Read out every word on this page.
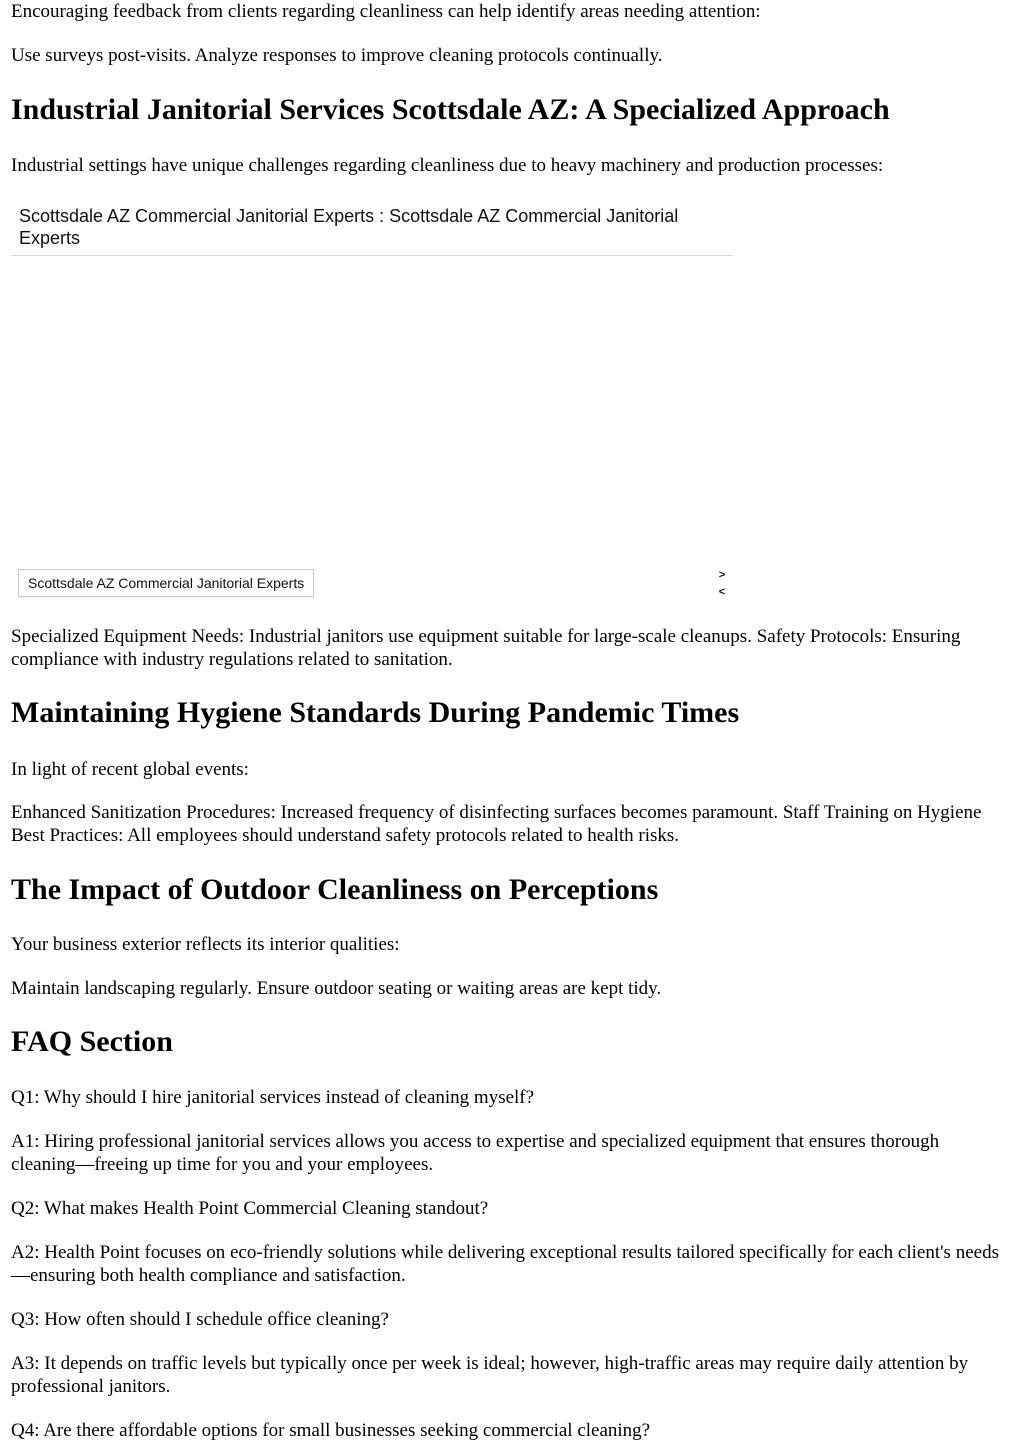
Encouraging feedback from clients regarding cleanliness can help identify areas needing attention:

Use surveys post-visits. Analyze responses to improve cleaning protocols continually.

Industrial Janitorial Services Scottsdale AZ: A Specialized Approach

Industrial settings have unique challenges regarding cleanliness due to heavy machinery and production processes:

Scottsdale AZ Commercial Janitorial Experts : Scottsdale AZ Commercial Janitorial Experts
Scottsdale AZ Commercial Janitorial Experts	>
<

Specialized Equipment Needs: Industrial janitors use equipment suitable for large-scale cleanups. Safety Protocols: Ensuring compliance with industry regulations related to sanitation.

Maintaining Hygiene Standards During Pandemic Times

In light of recent global events:

Enhanced Sanitization Procedures: Increased frequency of disinfecting surfaces becomes paramount. Staff Training on Hygiene Best Practices: All employees should understand safety protocols related to health risks.

The Impact of Outdoor Cleanliness on Perceptions

Your business exterior reflects its interior qualities:

Maintain landscaping regularly. Ensure outdoor seating or waiting areas are kept tidy.

FAQ Section

Q1: Why should I hire janitorial services instead of cleaning myself?

A1: Hiring professional janitorial services allows you access to expertise and specialized equipment that ensures thorough cleaning—freeing up time for you and your employees.

Q2: What makes Health Point Commercial Cleaning standout?

A2: Health Point focuses on eco-friendly solutions while delivering exceptional results tailored specifically for each client's needs—ensuring both health compliance and satisfaction.

Q3: How often should I schedule office cleaning?

A3: It depends on traffic levels but typically once per week is ideal; however, high-traffic areas may require daily attention by professional janitors.

Q4: Are there affordable options for small businesses seeking commercial cleaning?
